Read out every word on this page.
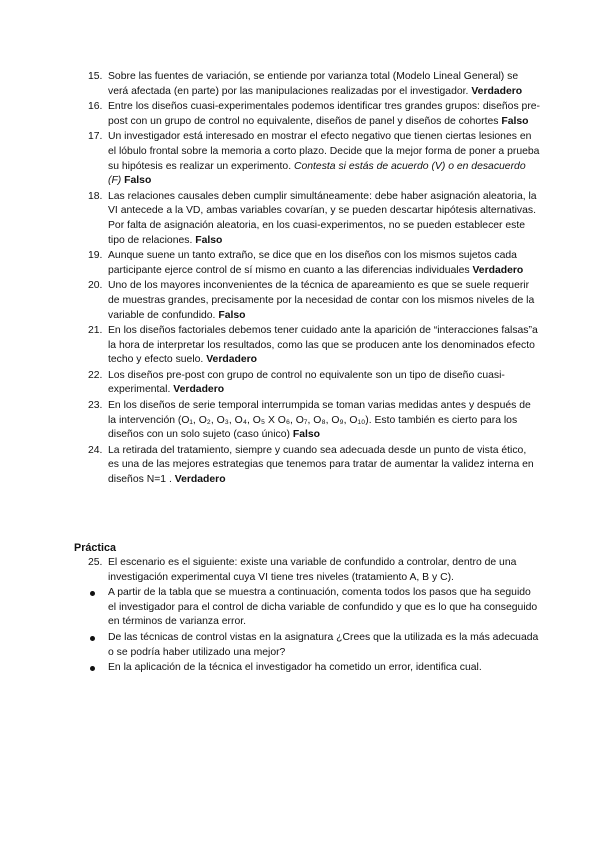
15. Sobre las fuentes de variación, se entiende por varianza total (Modelo Lineal General) se verá afectada (en parte) por las manipulaciones realizadas por el investigador. Verdadero
16. Entre los diseños cuasi-experimentales podemos identificar tres grandes grupos: diseños pre-post con un grupo de control no equivalente, diseños de panel y diseños de cohortes Falso
17. Un investigador está interesado en mostrar el efecto negativo que tienen ciertas lesiones en el lóbulo frontal sobre la memoria a corto plazo. Decide que la mejor forma de poner a prueba su hipótesis es realizar un experimento. Contesta si estás de acuerdo (V) o en desacuerdo (F) Falso
18. Las relaciones causales deben cumplir simultáneamente: debe haber asignación aleatoria, la VI antecede a la VD, ambas variables covarían, y se pueden descartar hipótesis alternativas. Por falta de asignación aleatoria, en los cuasi-experimentos, no se pueden establecer este tipo de relaciones. Falso
19. Aunque suene un tanto extraño, se dice que en los diseños con los mismos sujetos cada participante ejerce control de sí mismo en cuanto a las diferencias individuales Verdadero
20. Uno de los mayores inconvenientes de la técnica de apareamiento es que se suele requerir de muestras grandes, precisamente por la necesidad de contar con los mismos niveles de la variable de confundido. Falso
21. En los diseños factoriales debemos tener cuidado ante la aparición de “interacciones falsas”a la hora de interpretar los resultados, como las que se producen ante los denominados efecto techo y efecto suelo. Verdadero
22. Los diseños pre-post con grupo de control no equivalente son un tipo de diseño cuasi-experimental. Verdadero
23. En los diseños de serie temporal interrumpida se toman varias medidas antes y después de la intervención (O₁, O₂, O₃, O₄, O₅ X O₆, O₇, O₈, O₉, O₁₀). Esto también es cierto para los diseños con un solo sujeto (caso único) Falso
24. La retirada del tratamiento, siempre y cuando sea adecuada desde un punto de vista ético, es una de las mejores estrategias que tenemos para tratar de aumentar la validez interna en diseños N=1 . Verdadero
Práctica
25. El escenario es el siguiente: existe una variable de confundido a controlar, dentro de una investigación experimental cuya VI tiene tres niveles (tratamiento A, B y C).
A partir de la tabla que se muestra a continuación, comenta todos los pasos que ha seguido el investigador para el control de dicha variable de confundido y que es lo que ha conseguido en términos de varianza error.
De las técnicas de control vistas en la asignatura ¿Crees que la utilizada es la más adecuada o se podría haber utilizado una mejor?
En la aplicación de la técnica el investigador ha cometido un error, identifica cual.
